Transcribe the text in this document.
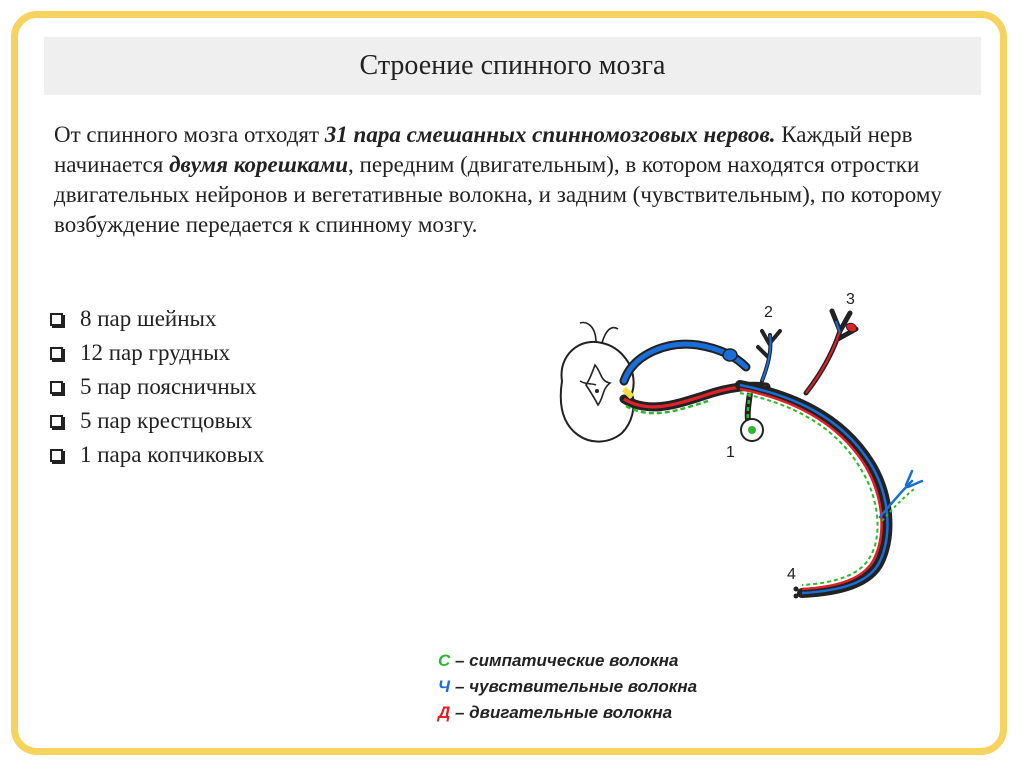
Строение спинного мозга
От спинного мозга отходят 31 пара смешанных спинномозговых нервов. Каждый нерв начинается двумя корешками, передним (двигательным), в котором находятся отростки двигательных нейронов и вегетативные волокна, и задним (чувствительным), по которому возбуждение передается к спинному мозгу.
8 пар шейных
12 пар грудных
5 пар поясничных
5 пар крестцовых
1 пара копчиковых	1
4
2
3
С – симпатические волокна
Ч – чувствительные волокна
Д – двигательные волокна
